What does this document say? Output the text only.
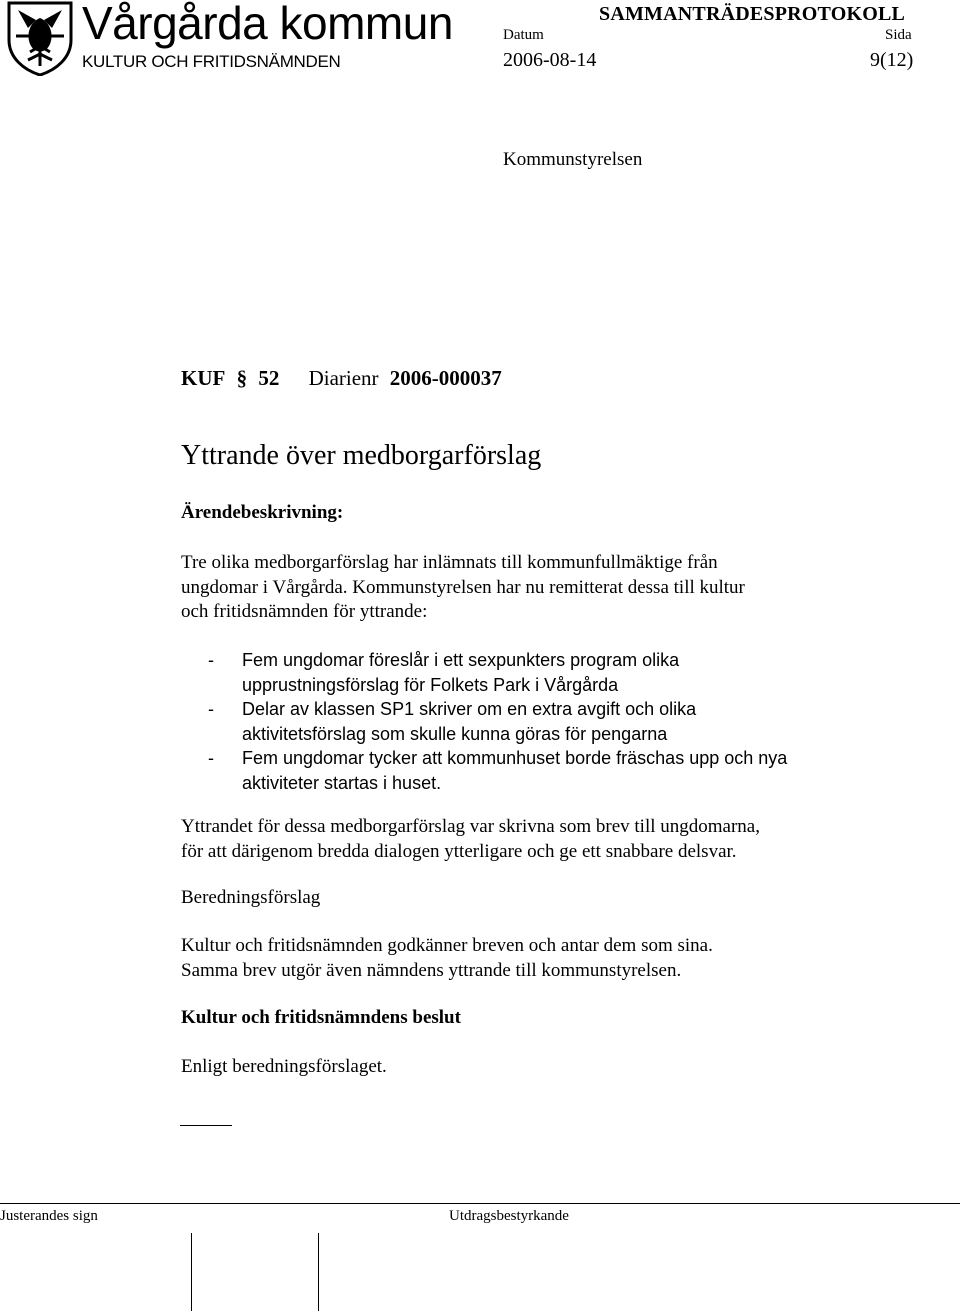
Vårgårda kommun
KULTUR OCH FRITIDSNÄMNDEN
SAMMANTRÄDESPROTOKOLL
Datum	Sida
2006-08-14	9(12)
Kommunstyrelsen
KUF § 52 Diarienr 2006-000037
Yttrande över medborgarförslag
Ärendebeskrivning:
Tre olika medborgarförslag har inlämnats till kommunfullmäktige från
ungdomar i Vårgårda. Kommunstyrelsen har nu remitterat dessa till kultur
och fritidsnämnden för yttrande:
- Fem ungdomar föreslår i ett sexpunkters program olika
upprustningsförslag för Folkets Park i Vårgårda
- Delar av klassen SP1 skriver om en extra avgift och olika
aktivitetsförslag som skulle kunna göras för pengarna
- Fem ungdomar tycker att kommunhuset borde fräschas upp och nya
aktiviteter startas i huset.
Yttrandet för dessa medborgarförslag var skrivna som brev till ungdomarna,
för att därigenom bredda dialogen ytterligare och ge ett snabbare delsvar.
Beredningsförslag
Kultur och fritidsnämnden godkänner breven och antar dem som sina.
Samma brev utgör även nämndens yttrande till kommunstyrelsen.
Kultur och fritidsnämndens beslut
Enligt beredningsförslaget.
Justerandes sign	Utdragsbestyrkande
